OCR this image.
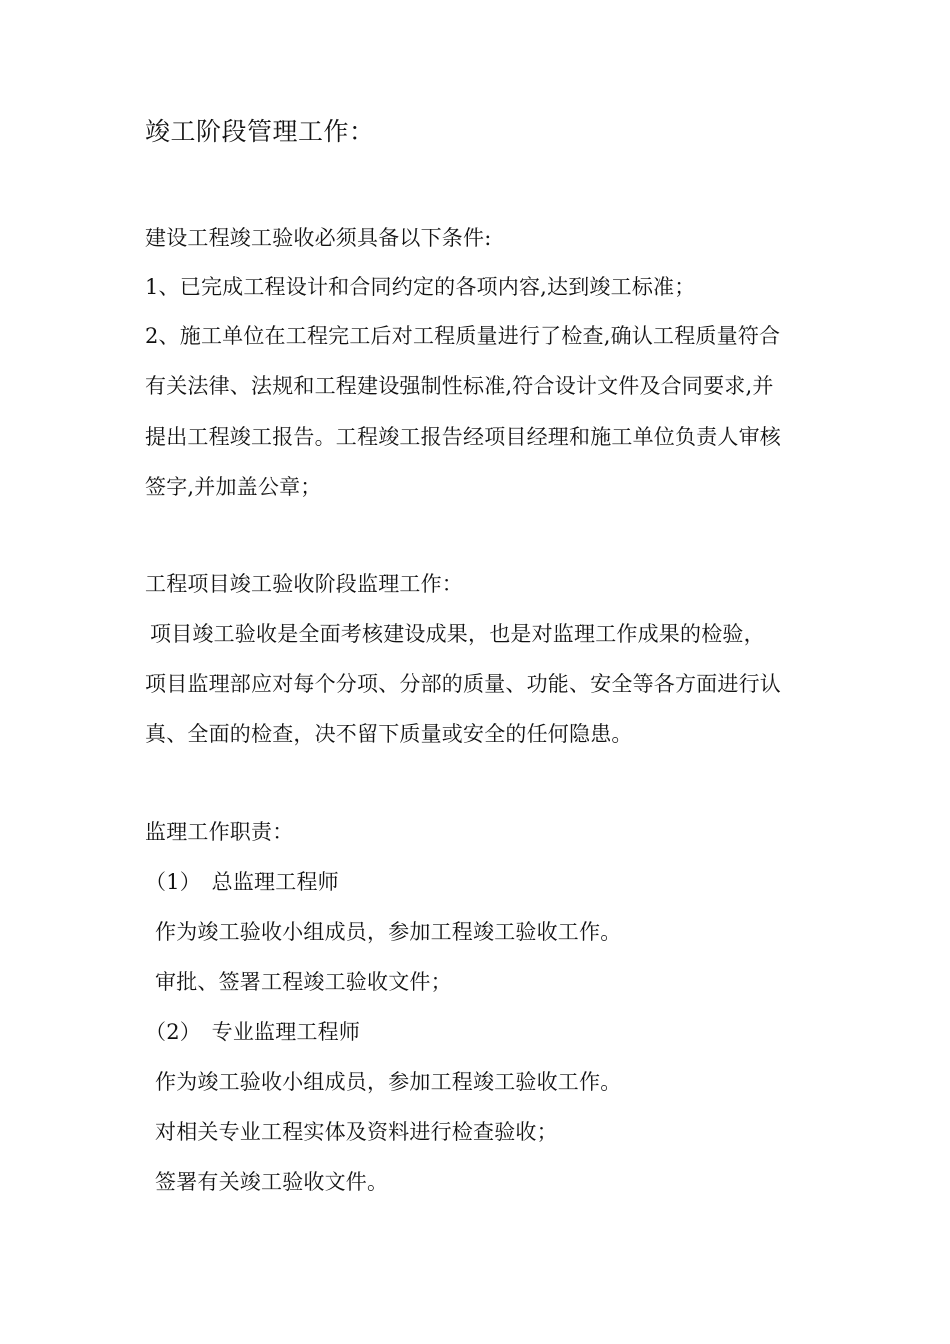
竣工阶段管理工作：
建设工程竣工验收必须具备以下条件:
1、已完成工程设计和合同约定的各项内容,达到竣工标准；
2、施工单位在工程完工后对工程质量进行了检查,确认工程质量符合
有关法律、法规和工程建设强制性标准,符合设计文件及合同要求,并
提出工程竣工报告。工程竣工报告经项目经理和施工单位负责人审核
签字,并加盖公章；
工程项目竣工验收阶段监理工作：
项目竣工验收是全面考核建设成果，也是对监理工作成果的检验，
项目监理部应对每个分项、分部的质量、功能、安全等各方面进行认
真、全面的检查，决不留下质量或安全的任何隐患。
监理工作职责：
（1）　总监理工程师
作为竣工验收小组成员，参加工程竣工验收工作。
审批、签署工程竣工验收文件；
（2）　专业监理工程师
作为竣工验收小组成员，参加工程竣工验收工作。
对相关专业工程实体及资料进行检查验收；
签署有关竣工验收文件。
